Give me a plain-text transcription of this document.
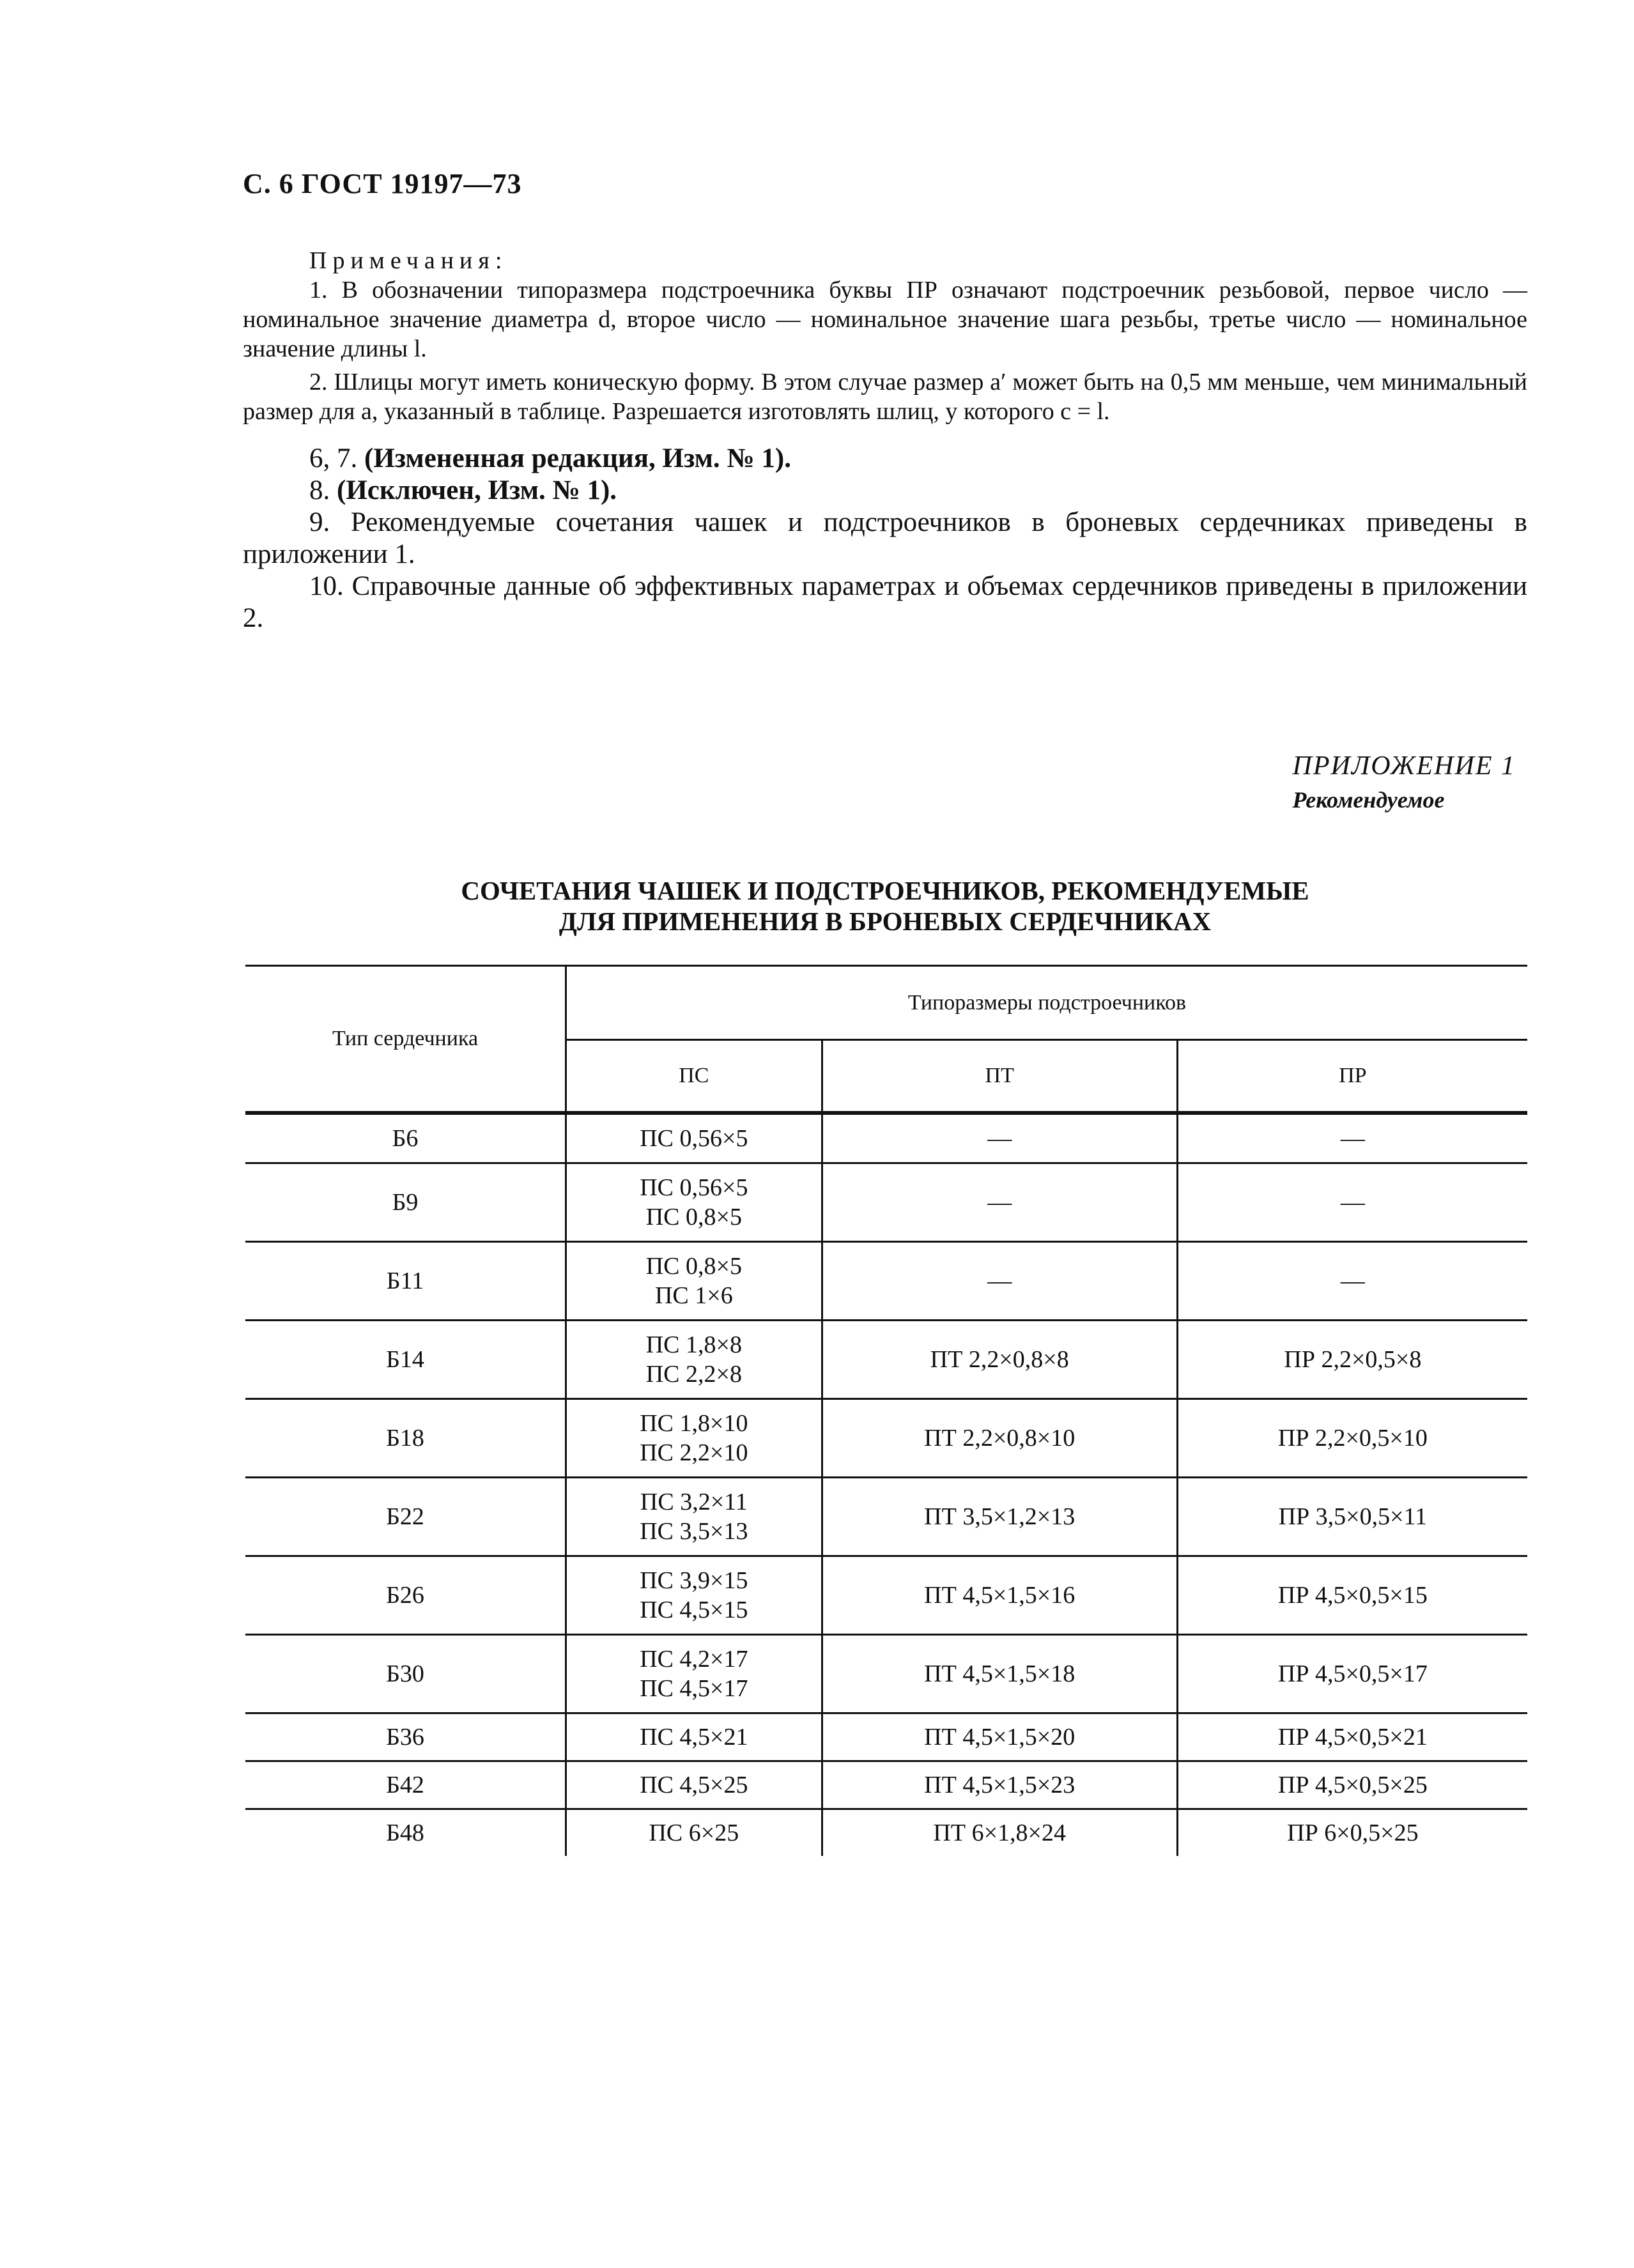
С. 6 ГОСТ 19197—73
Примечания:

1. В обозначении типоразмера подстроечника буквы ПР означают подстроечник резьбовой, первое число — номинальное значение диаметра d, второе число — номинальное значение шага резьбы, третье число — номинальное значение длины l.

2. Шлицы могут иметь коническую форму. В этом случае размер a′ может быть на 0,5 мм меньше, чем минимальный размер для a, указанный в таблице. Разрешается изготовлять шлиц, у которого c = l.

6, 7. (Измененная редакция, Изм. № 1).

8. (Исключен, Изм. № 1).

9. Рекомендуемые сочетания чашек и подстроечников в броневых сердечниках приведены в приложении 1.

10. Справочные данные об эффективных параметрах и объемах сердечников приведены в приложении 2.

ПРИЛОЖЕНИЕ 1
Рекомендуемое
СОЧЕТАНИЯ ЧАШЕК И ПОДСТРОЕЧНИКОВ, РЕКОМЕНДУЕМЫЕ
ДЛЯ ПРИМЕНЕНИЯ В БРОНЕВЫХ СЕРДЕЧНИКАХ
Тип сердечника	Типоразмеры подстроечников		
	ПС	ПТ	ПР
Б6	ПС 0,56×5	—	—
Б9	ПС 0,56×5
ПС 0,8×5	—	—
Б11	ПС 0,8×5
ПС 1×6	—	—
Б14	ПС 1,8×8
ПС 2,2×8	ПТ 2,2×0,8×8	ПР 2,2×0,5×8
Б18	ПС 1,8×10
ПС 2,2×10	ПТ 2,2×0,8×10	ПР 2,2×0,5×10
Б22	ПС 3,2×11
ПС 3,5×13	ПТ 3,5×1,2×13	ПР 3,5×0,5×11
Б26	ПС 3,9×15
ПС 4,5×15	ПТ 4,5×1,5×16	ПР 4,5×0,5×15
Б30	ПС 4,2×17
ПС 4,5×17	ПТ 4,5×1,5×18	ПР 4,5×0,5×17
Б36	ПС 4,5×21	ПТ 4,5×1,5×20	ПР 4,5×0,5×21
Б42	ПС 4,5×25	ПТ 4,5×1,5×23	ПР 4,5×0,5×25
Б48	ПС 6×25	ПТ 6×1,8×24	ПР 6×0,5×25
